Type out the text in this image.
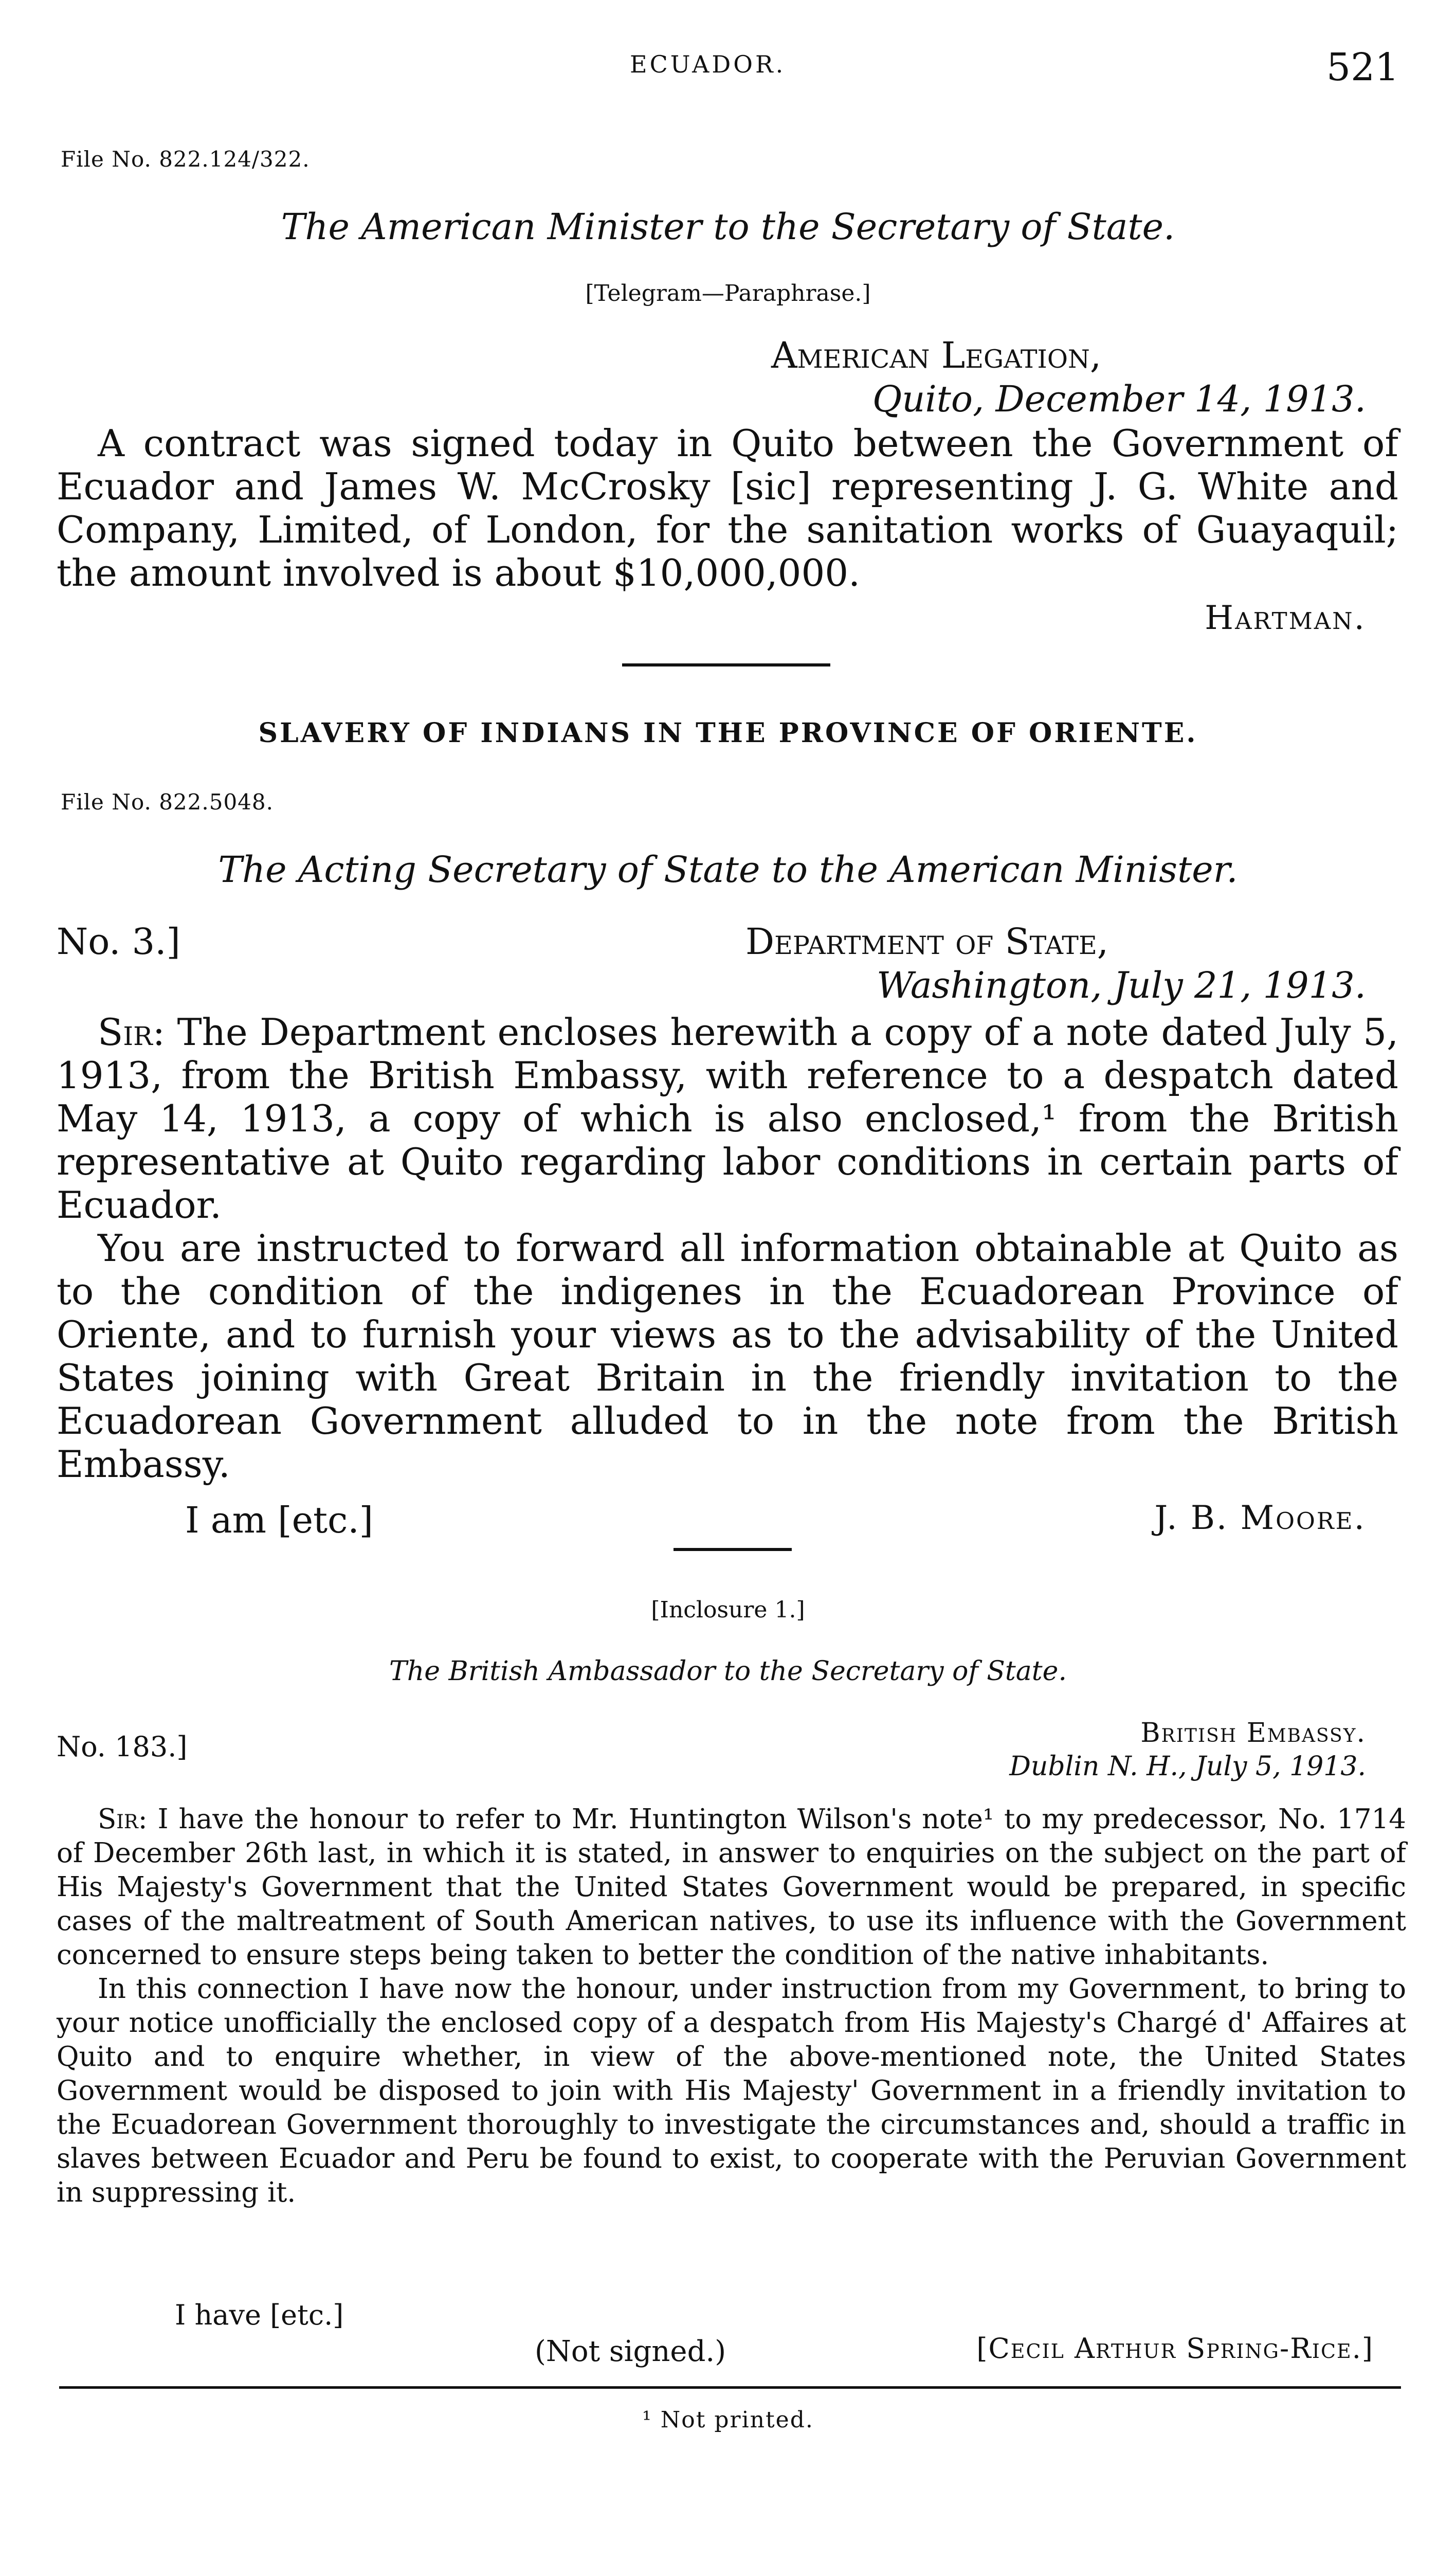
ECUADOR.	521
File No. 822.124/322.
The American Minister to the Secretary of State.
[Telegram—Paraphrase.]
American Legation,
Quito, December 14, 1913.

A contract was signed today in Quito between the Government of Ecuador and James W. McCrosky [sic] representing J. G. White and Company, Limited, of London, for the sanitation works of Guayaquil; the amount involved is about $10,000,000.

Hartman.
SLAVERY OF INDIANS IN THE PROVINCE OF ORIENTE.
File No. 822.5048.
The Acting Secretary of State to the American Minister.
No. 3.]	Department of State,
Washington, July 21, 1913.

Sir: The Department encloses herewith a copy of a note dated July 5, 1913, from the British Embassy, with reference to a despatch dated May 14, 1913, a copy of which is also enclosed,¹ from the British representative at Quito regarding labor conditions in certain parts of Ecuador.

You are instructed to forward all information obtainable at Quito as to the condition of the indigenes in the Ecuadorean Province of Oriente, and to furnish your views as to the advisability of the United States joining with Great Britain in the friendly invitation to the Ecuadorean Government alluded to in the note from the British Embassy.

I am [etc.]	J. B. Moore.
[Inclosure 1.]
The British Ambassador to the Secretary of State.
No. 183.]	British Embassy.
Dublin N. H., July 5, 1913.

Sir: I have the honour to refer to Mr. Huntington Wilson's note¹ to my predecessor, No. 1714 of December 26th last, in which it is stated, in answer to enquiries on the subject on the part of His Majesty's Government that the United States Government would be prepared, in specific cases of the maltreatment of South American natives, to use its influence with the Government concerned to ensure steps being taken to better the condition of the native inhabitants.

In this connection I have now the honour, under instruction from my Government, to bring to your notice unofficially the enclosed copy of a despatch from His Majesty's Chargé d' Affaires at Quito and to enquire whether, in view of the above-mentioned note, the United States Government would be disposed to join with His Majesty' Government in a friendly invitation to the Ecuadorean Government thoroughly to investigate the circumstances and, should a traffic in slaves between Ecuador and Peru be found to exist, to cooperate with the Peruvian Government in suppressing it.

I have [etc.]
(Not signed.)	[Cecil Arthur Spring-Rice.]
¹ Not printed.
